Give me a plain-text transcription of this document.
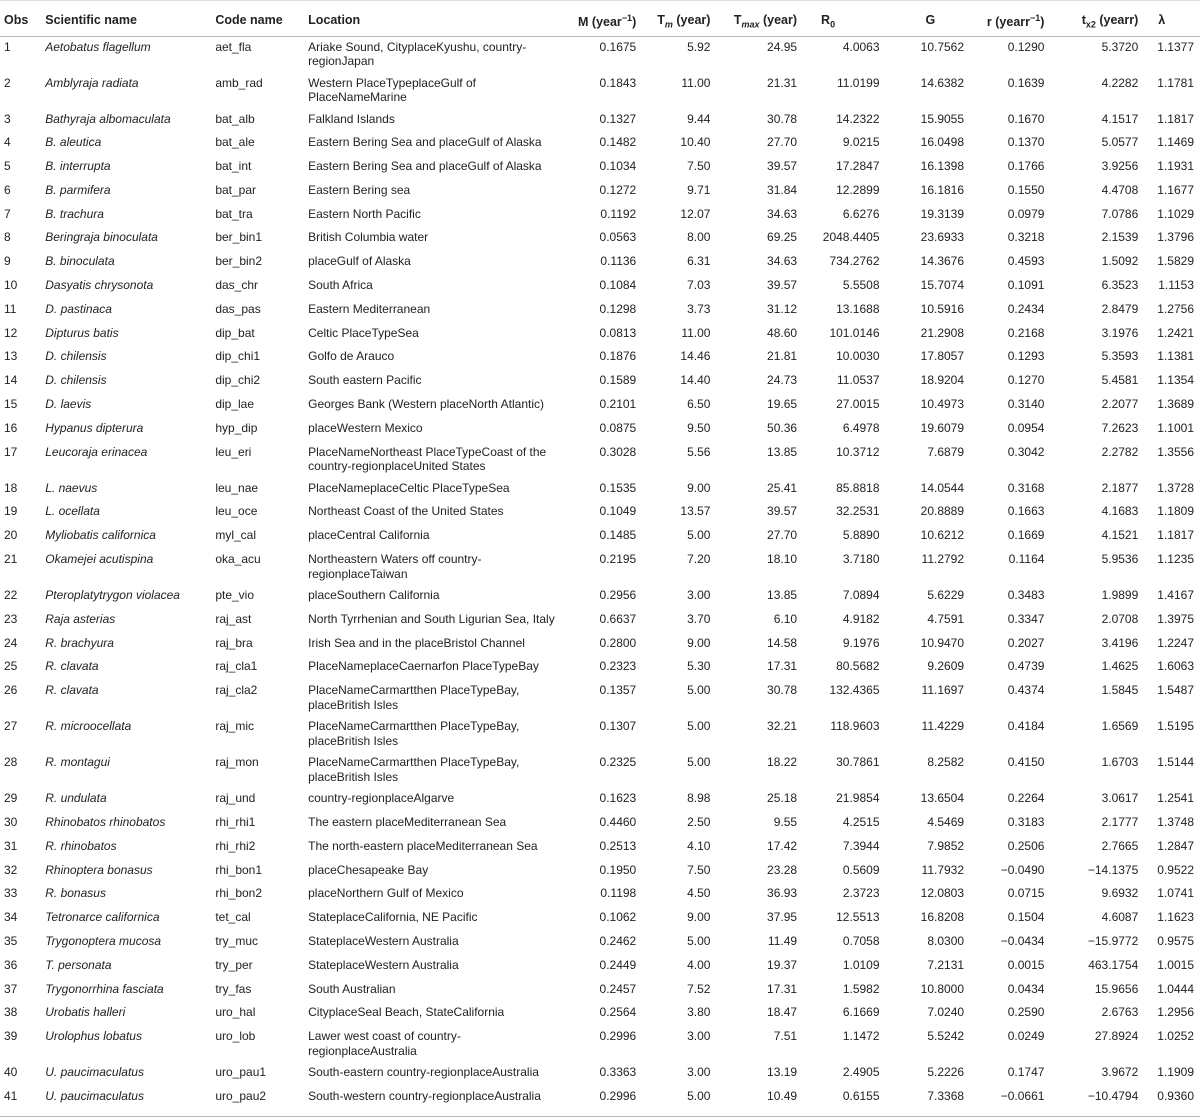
Obs	Scientific name	Code name	Location	M (year$^{-1}$)	$T_m$ (year)	$T_{max}$ (year)	$R_0$	G	r (yearr$^{-1}$)	$t_{x2}$ (yearr)	λ
1	Aetobatus flagellum	aet_fla	Ariake Sound, CityplaceKyushu, country-regionJapan	0.1675	5.92	24.95	4.0063	10.7562	0.1290	5.3720	1.1377
2	Amblyraja radiata	amb_rad	Western PlaceTypeplaceGulf of PlaceNameMarine	0.1843	11.00	21.31	11.0199	14.6382	0.1639	4.2282	1.1781
3	Bathyraja albomaculata	bat_alb	Falkland Islands	0.1327	9.44	30.78	14.2322	15.9055	0.1670	4.1517	1.1817
4	B. aleutica	bat_ale	Eastern Bering Sea and placeGulf of Alaska	0.1482	10.40	27.70	9.0215	16.0498	0.1370	5.0577	1.1469
5	B. interrupta	bat_int	Eastern Bering Sea and placeGulf of Alaska	0.1034	7.50	39.57	17.2847	16.1398	0.1766	3.9256	1.1931
6	B. parmifera	bat_par	Eastern Bering sea	0.1272	9.71	31.84	12.2899	16.1816	0.1550	4.4708	1.1677
7	B. trachura	bat_tra	Eastern North Pacific	0.1192	12.07	34.63	6.6276	19.3139	0.0979	7.0786	1.1029
8	Beringraja binoculata	ber_bin1	British Columbia water	0.0563	8.00	69.25	2048.4405	23.6933	0.3218	2.1539	1.3796
9	B. binoculata	ber_bin2	placeGulf of Alaska	0.1136	6.31	34.63	734.2762	14.3676	0.4593	1.5092	1.5829
10	Dasyatis chrysonota	das_chr	South Africa	0.1084	7.03	39.57	5.5508	15.7074	0.1091	6.3523	1.1153
11	D. pastinaca	das_pas	Eastern Mediterranean	0.1298	3.73	31.12	13.1688	10.5916	0.2434	2.8479	1.2756
12	Dipturus batis	dip_bat	Celtic PlaceTypeSea	0.0813	11.00	48.60	101.0146	21.2908	0.2168	3.1976	1.2421
13	D. chilensis	dip_chi1	Golfo de Arauco	0.1876	14.46	21.81	10.0030	17.8057	0.1293	5.3593	1.1381
14	D. chilensis	dip_chi2	South eastern Pacific	0.1589	14.40	24.73	11.0537	18.9204	0.1270	5.4581	1.1354
15	D. laevis	dip_lae	Georges Bank (Western placeNorth Atlantic)	0.2101	6.50	19.65	27.0015	10.4973	0.3140	2.2077	1.3689
16	Hypanus dipterura	hyp_dip	placeWestern Mexico	0.0875	9.50	50.36	6.4978	19.6079	0.0954	7.2623	1.1001
17	Leucoraja erinacea	leu_eri	PlaceNameNortheast PlaceTypeCoast of the country-regionplaceUnited States	0.3028	5.56	13.85	10.3712	7.6879	0.3042	2.2782	1.3556
18	L. naevus	leu_nae	PlaceNameplaceCeltic PlaceTypeSea	0.1535	9.00	25.41	85.8818	14.0544	0.3168	2.1877	1.3728
19	L. ocellata	leu_oce	Northeast Coast of the United States	0.1049	13.57	39.57	32.2531	20.8889	0.1663	4.1683	1.1809
20	Myliobatis californica	myl_cal	placeCentral California	0.1485	5.00	27.70	5.8890	10.6212	0.1669	4.1521	1.1817
21	Okamejei acutispina	oka_acu	Northeastern Waters off country-regionplaceTaiwan	0.2195	7.20	18.10	3.7180	11.2792	0.1164	5.9536	1.1235
22	Pteroplatytrygon violacea	pte_vio	placeSouthern California	0.2956	3.00	13.85	7.0894	5.6229	0.3483	1.9899	1.4167
23	Raja asterias	raj_ast	North Tyrrhenian and South Ligurian Sea, Italy	0.6637	3.70	6.10	4.9182	4.7591	0.3347	2.0708	1.3975
24	R. brachyura	raj_bra	Irish Sea and in the placeBristol Channel	0.2800	9.00	14.58	9.1976	10.9470	0.2027	3.4196	1.2247
25	R. clavata	raj_cla1	PlaceNameplaceCaernarfon PlaceTypeBay	0.2323	5.30	17.31	80.5682	9.2609	0.4739	1.4625	1.6063
26	R. clavata	raj_cla2	PlaceNameCarmartthen PlaceTypeBay, placeBritish Isles	0.1357	5.00	30.78	132.4365	11.1697	0.4374	1.5845	1.5487
27	R. microocellata	raj_mic	PlaceNameCarmartthen PlaceTypeBay, placeBritish Isles	0.1307	5.00	32.21	118.9603	11.4229	0.4184	1.6569	1.5195
28	R. montagui	raj_mon	PlaceNameCarmartthen PlaceTypeBay, placeBritish Isles	0.2325	5.00	18.22	30.7861	8.2582	0.4150	1.6703	1.5144
29	R. undulata	raj_und	country-regionplaceAlgarve	0.1623	8.98	25.18	21.9854	13.6504	0.2264	3.0617	1.2541
30	Rhinobatos rhinobatos	rhi_rhi1	The eastern placeMediterranean Sea	0.4460	2.50	9.55	4.2515	4.5469	0.3183	2.1777	1.3748
31	R. rhinobatos	rhi_rhi2	The north-eastern placeMediterranean Sea	0.2513	4.10	17.42	7.3944	7.9852	0.2506	2.7665	1.2847
32	Rhinoptera bonasus	rhi_bon1	placeChesapeake Bay	0.1950	7.50	23.28	0.5609	11.7932	−0.0490	−14.1375	0.9522
33	R. bonasus	rhi_bon2	placeNorthern Gulf of Mexico	0.1198	4.50	36.93	2.3723	12.0803	0.0715	9.6932	1.0741
34	Tetronarce californica	tet_cal	StateplaceCalifornia, NE Pacific	0.1062	9.00	37.95	12.5513	16.8208	0.1504	4.6087	1.1623
35	Trygonoptera mucosa	try_muc	StateplaceWestern Australia	0.2462	5.00	11.49	0.7058	8.0300	−0.0434	−15.9772	0.9575
36	T. personata	try_per	StateplaceWestern Australia	0.2449	4.00	19.37	1.0109	7.2131	0.0015	463.1754	1.0015
37	Trygonorrhina fasciata	try_fas	South Australian	0.2457	7.52	17.31	1.5982	10.8000	0.0434	15.9656	1.0444
38	Urobatis halleri	uro_hal	CityplaceSeal Beach, StateCalifornia	0.2564	3.80	18.47	6.1669	7.0240	0.2590	2.6763	1.2956
39	Urolophus lobatus	uro_lob	Lawer west coast of country-regionplaceAustralia	0.2996	3.00	7.51	1.1472	5.5242	0.0249	27.8924	1.0252
40	U. paucimaculatus	uro_pau1	South-eastern country-regionplaceAustralia	0.3363	3.00	13.19	2.4905	5.2226	0.1747	3.9672	1.1909
41	U. paucimaculatus	uro_pau2	South-western country-regionplaceAustralia	0.2996	5.00	10.49	0.6155	7.3368	−0.0661	−10.4794	0.9360
